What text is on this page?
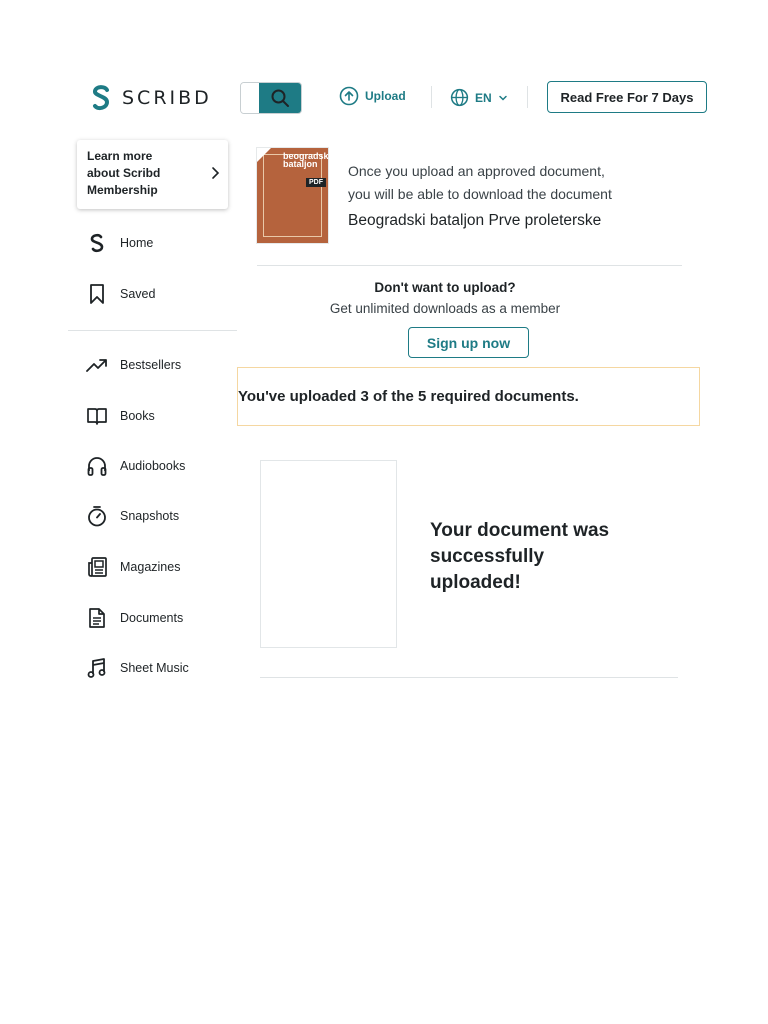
SCRIBD	Upload	EN	Read Free For 7 Days
Learn more about Scribd Membership
Home
Saved
Bestsellers
Books
Audiobooks
Snapshots
Magazines
Documents
Sheet Music
beogradski bataljon
PDF
Once you upload an approved document,
you will be able to download the document
Beogradski bataljon Prve proleterske
Don't want to upload?
Get unlimited downloads as a member
Sign up now
You've uploaded 3 of the 5 required documents.
Your document was successfully uploaded!
